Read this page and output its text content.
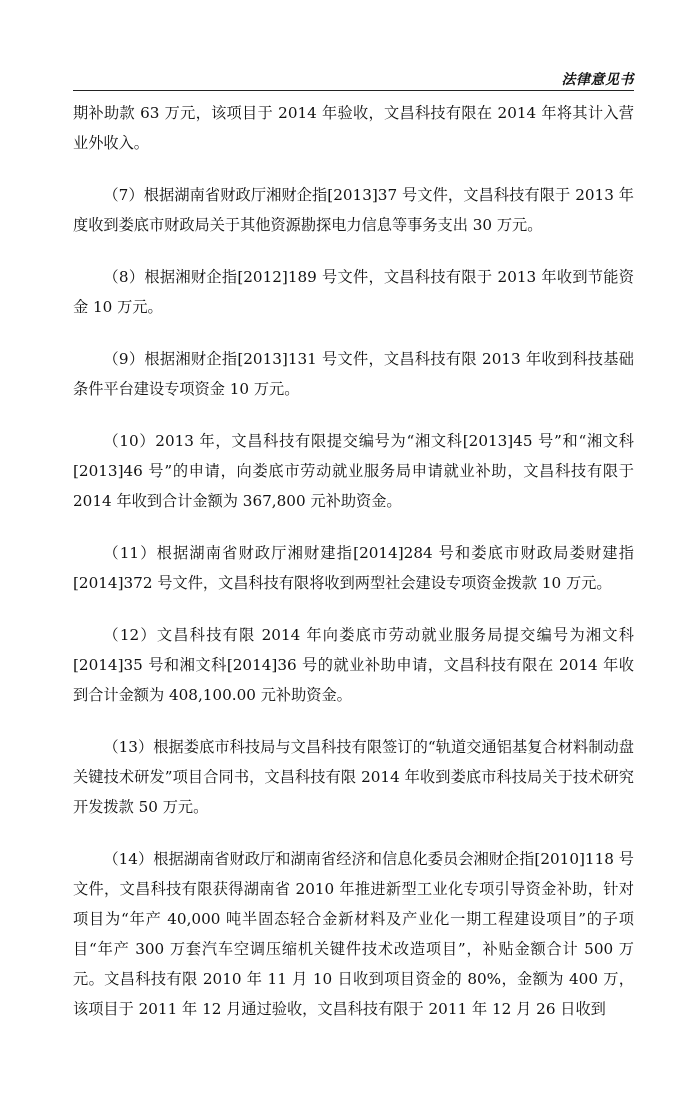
法律意见书

期补助款 63 万元，该项目于 2014 年验收，文昌科技有限在 2014 年将其计入营业外收入。

（7）根据湖南省财政厅湘财企指[2013]37 号文件，文昌科技有限于 2013 年度收到娄底市财政局关于其他资源勘探电力信息等事务支出 30 万元。

（8）根据湘财企指[2012]189 号文件，文昌科技有限于 2013 年收到节能资金 10 万元。

（9）根据湘财企指[2013]131 号文件，文昌科技有限 2013 年收到科技基础条件平台建设专项资金 10 万元。

（10）2013 年，文昌科技有限提交编号为“湘文科[2013]45 号”和“湘文科[2013]46 号”的申请，向娄底市劳动就业服务局申请就业补助，文昌科技有限于 2014 年收到合计金额为 367,800 元补助资金。

（11）根据湖南省财政厅湘财建指[2014]284 号和娄底市财政局娄财建指[2014]372 号文件，文昌科技有限将收到两型社会建设专项资金拨款 10 万元。

（12）文昌科技有限 2014 年向娄底市劳动就业服务局提交编号为湘文科[2014]35 号和湘文科[2014]36 号的就业补助申请，文昌科技有限在 2014 年收到合计金额为 408,100.00 元补助资金。

（13）根据娄底市科技局与文昌科技有限签订的“轨道交通铝基复合材料制动盘关键技术研发”项目合同书，文昌科技有限 2014 年收到娄底市科技局关于技术研究开发拨款 50 万元。

（14）根据湖南省财政厅和湖南省经济和信息化委员会湘财企指[2010]118 号文件，文昌科技有限获得湖南省 2010 年推进新型工业化专项引导资金补助，针对项目为“年产 40,000 吨半固态轻合金新材料及产业化一期工程建设项目”的子项目“年产 300 万套汽车空调压缩机关键件技术改造项目”，补贴金额合计 500 万元。文昌科技有限 2010 年 11 月 10 日收到项目资金的 80%，金额为 400 万，该项目于 2011 年 12 月通过验收，文昌科技有限于 2011 年 12 月 26 日收到
